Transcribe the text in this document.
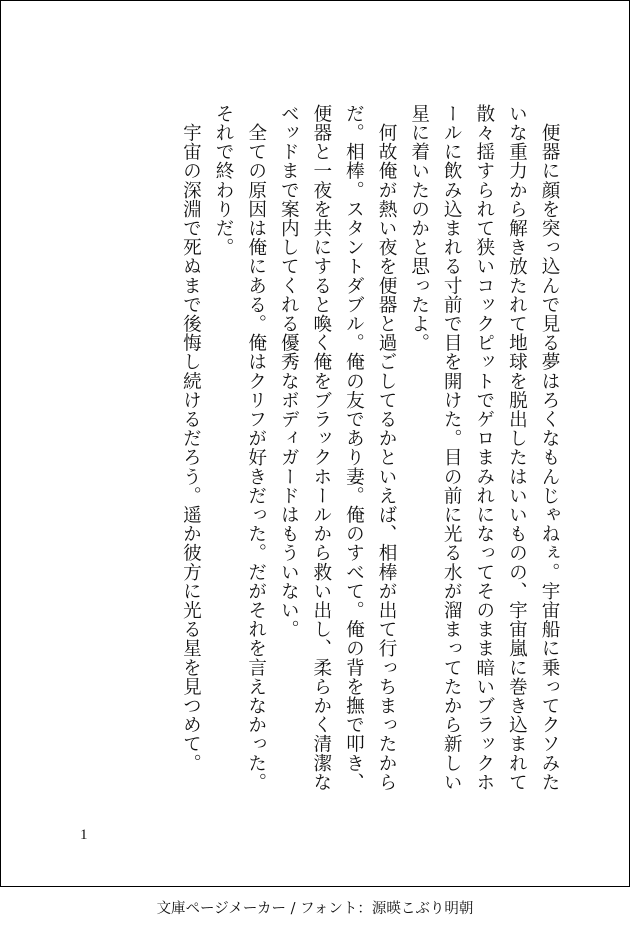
　便器に顔を突っ込んで見る夢はろくなもんじゃねぇ。宇宙船に乗ってクソみたいな重力から解き放たれて地球を脱出したはいいものの、宇宙嵐に巻き込まれて散々揺すられて狭いコックピットでゲロまみれになってそのまま暗いブラックホールに飲み込まれる寸前で目を開けた。目の前に光る水が溜まってたから新しい星に着いたのかと思ったよ。

　何故俺が熱い夜を便器と過ごしてるかといえば、相棒が出て行っちまったからだ。相棒。スタントダブル。俺の友であり妻。俺のすべて。俺の背を撫で叩き、便器と一夜を共にすると喚く俺をブラックホールから救い出し、柔らかく清潔なベッドまで案内してくれる優秀なボディガードはもういない。

　全ての原因は俺にある。俺はクリフが好きだった。だがそれを言えなかった。それで終わりだ。

　宇宙の深淵で死ぬまで後悔し続けるだろう。遥か彼方に光る星を見つめて。

1
文庫ページメーカー / フォント：源暎こぶり明朝
